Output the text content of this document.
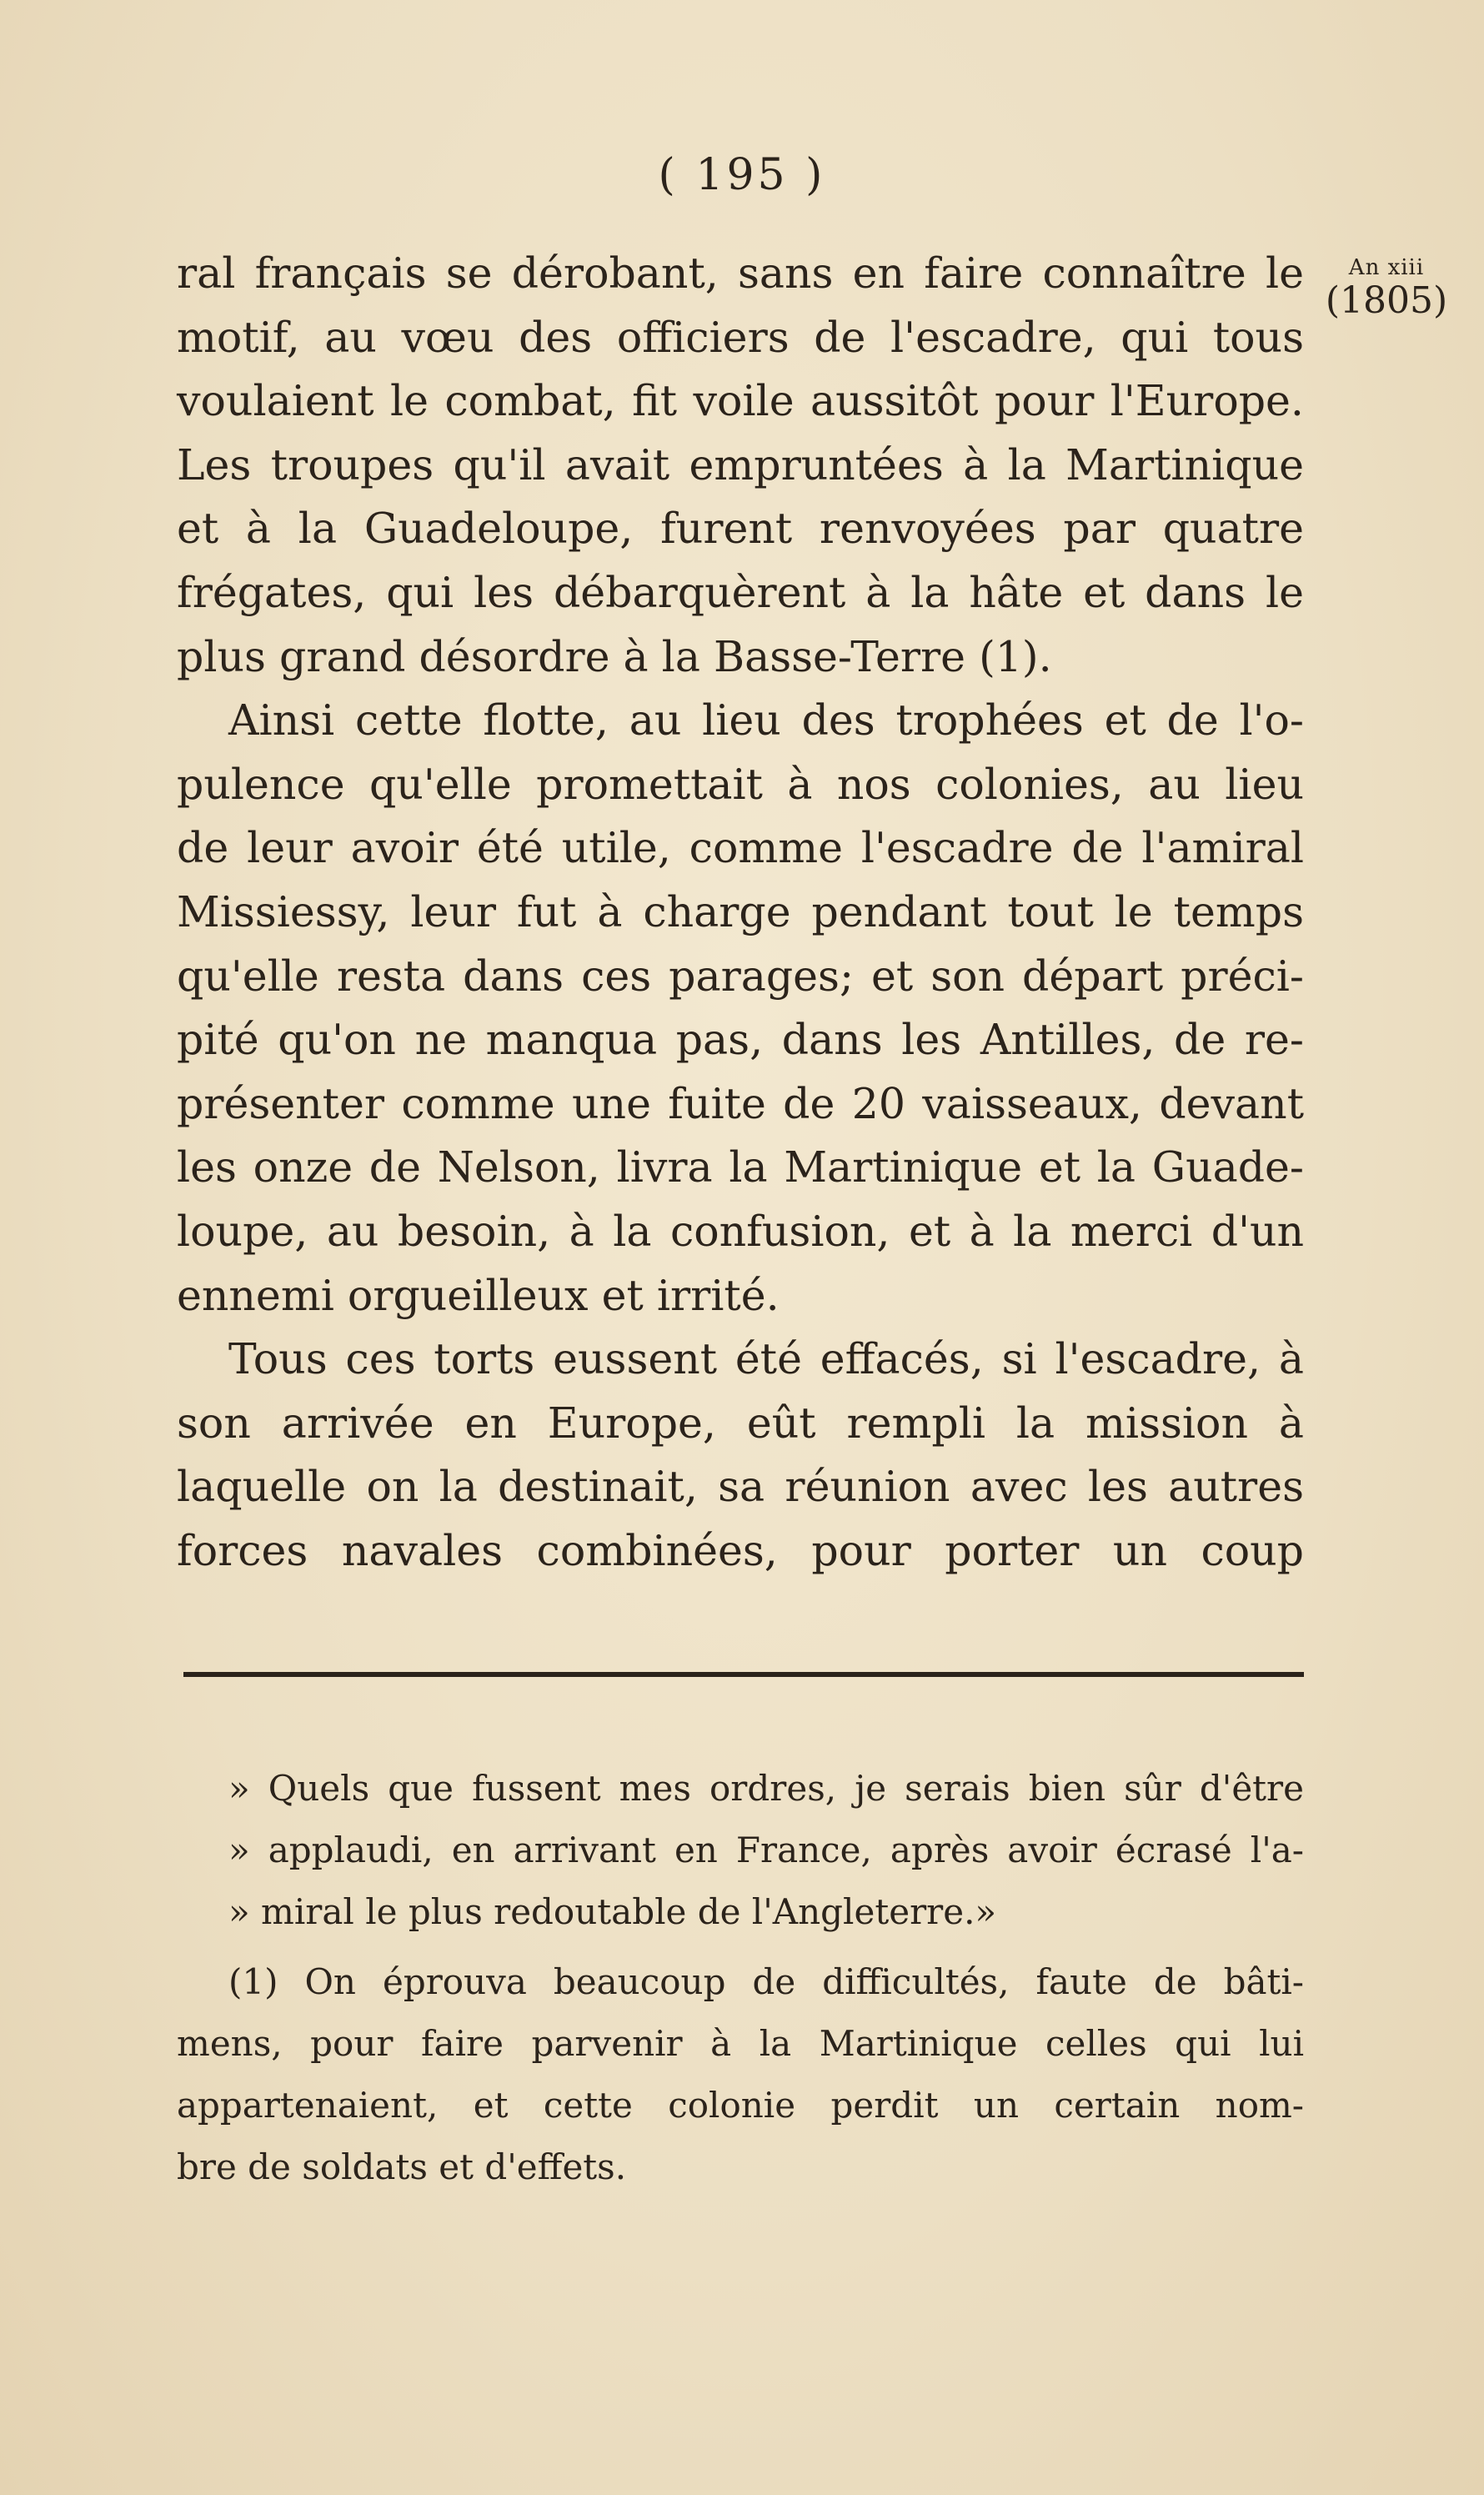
( 195 )
An xiii
(1805)
ral français se dérobant, sans en faire connaître le
motif, au vœu des officiers de l'escadre, qui tous
voulaient le combat, fit voile aussitôt pour l'Europe.
Les troupes qu'il avait empruntées à la Martinique
et à la Guadeloupe, furent renvoyées par quatre
frégates, qui les débarquèrent à la hâte et dans le
plus grand désordre à la Basse-Terre (1).
Ainsi cette flotte, au lieu des trophées et de l'o-
pulence qu'elle promettait à nos colonies, au lieu
de leur avoir été utile, comme l'escadre de l'amiral
Missiessy, leur fut à charge pendant tout le temps
qu'elle resta dans ces parages; et son départ préci-
pité qu'on ne manqua pas, dans les Antilles, de re-
présenter comme une fuite de 20 vaisseaux, devant
les onze de Nelson, livra la Martinique et la Guade-
loupe, au besoin, à la confusion, et à la merci d'un
ennemi orgueilleux et irrité.
Tous ces torts eussent été effacés, si l'escadre, à
son arrivée en Europe, eût rempli la mission à
laquelle on la destinait, sa réunion avec les autres
forces navales combinées, pour porter un coup
» Quels que fussent mes ordres, je serais bien sûr d'être
» applaudi, en arrivant en France, après avoir écrasé l'a-
» miral le plus redoutable de l'Angleterre.»
(1) On éprouva beaucoup de difficultés, faute de bâti-
mens, pour faire parvenir à la Martinique celles qui lui
appartenaient, et cette colonie perdit un certain nom-
bre de soldats et d'effets.
